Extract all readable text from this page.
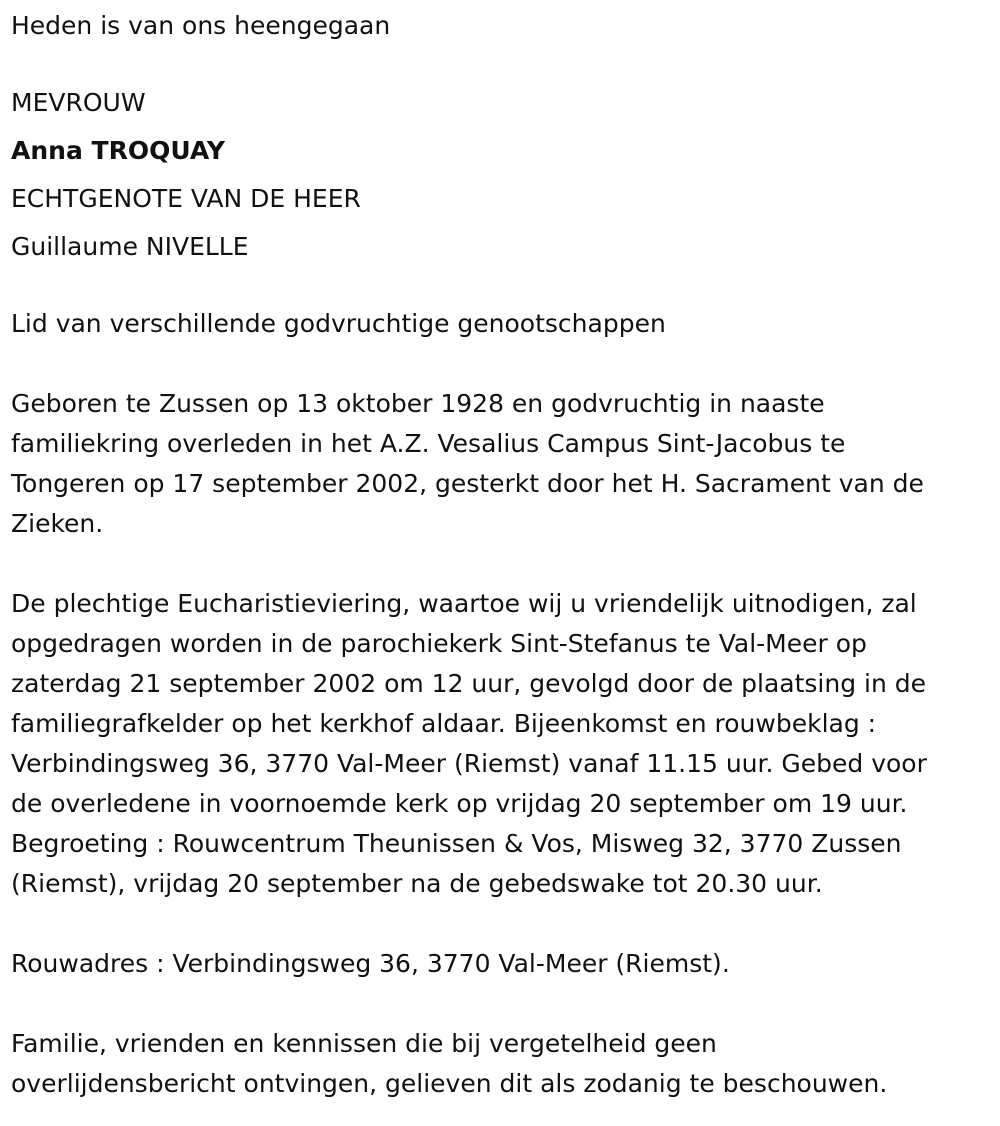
Heden is van ons heengegaan

MEVROUW

Anna TROQUAY

ECHTGENOTE VAN DE HEER

Guillaume NIVELLE

Lid van verschillende godvruchtige genootschappen

Geboren te Zussen op 13 oktober 1928 en godvruchtig in naaste

familiekring overleden in het A.Z. Vesalius Campus Sint-Jacobus te

Tongeren op 17 september 2002, gesterkt door het H. Sacrament van de

Zieken.

De plechtige Eucharistieviering, waartoe wij u vriendelijk uitnodigen, zal

opgedragen worden in de parochiekerk Sint-Stefanus te Val-Meer op

zaterdag 21 september 2002 om 12 uur, gevolgd door de plaatsing in de

familiegrafkelder op het kerkhof aldaar. Bijeenkomst en rouwbeklag :

Verbindingsweg 36, 3770 Val-Meer (Riemst) vanaf 11.15 uur. Gebed voor

de overledene in voornoemde kerk op vrijdag 20 september om 19 uur.

Begroeting : Rouwcentrum Theunissen & Vos, Misweg 32, 3770 Zussen

(Riemst), vrijdag 20 september na de gebedswake tot 20.30 uur.

Rouwadres : Verbindingsweg 36, 3770 Val-Meer (Riemst).

Familie, vrienden en kennissen die bij vergetelheid geen

overlijdensbericht ontvingen, gelieven dit als zodanig te beschouwen.
